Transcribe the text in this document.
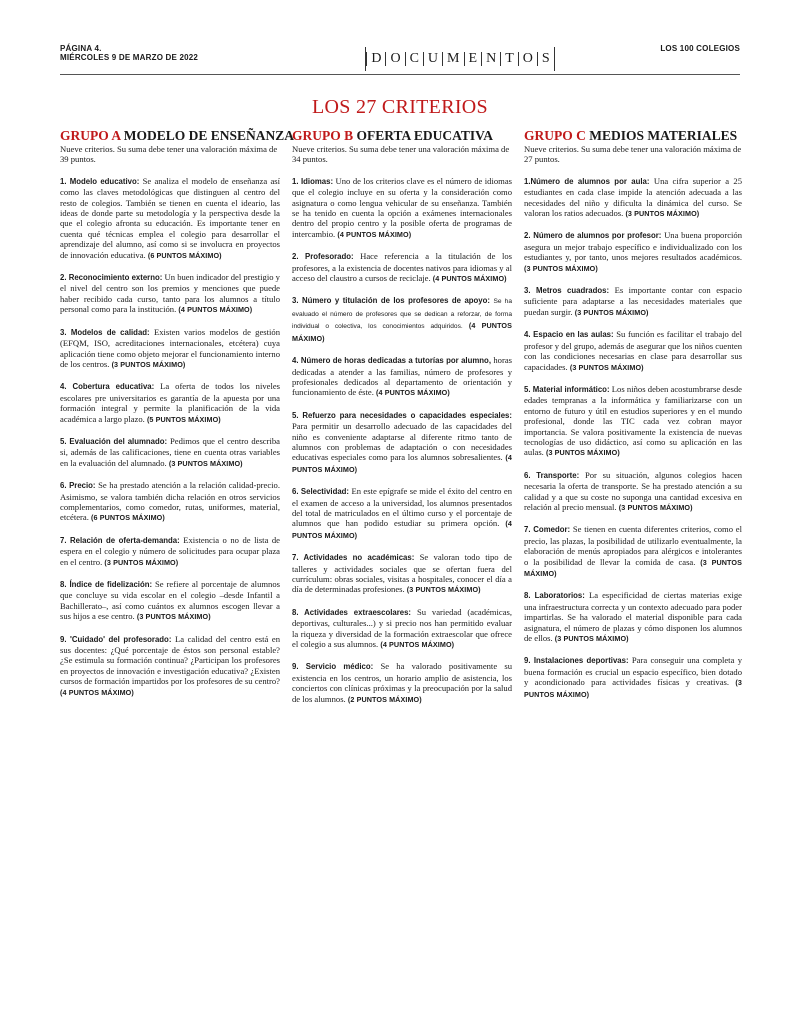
PÁGINA 4.
MIÉRCOLES 9 DE MARZO DE 2022	D O C U M E N T O S
LOS 100 COLEGIOS
LOS 27 CRITERIOS
GRUPO A MODELO DE ENSEÑANZA

Nueve criterios. Su suma debe tener una valoración máxima de 39 puntos.

1. Modelo educativo: Se analiza el modelo de enseñanza así como las claves metodológicas que distinguen al centro del resto de colegios. También se tienen en cuenta el ideario, las ideas de donde parte su metodología y la perspectiva desde la que el colegio afronta su educación. Es importante tener en cuenta qué técnicas emplea el colegio para desarrollar el aprendizaje del alumno, así como si se involucra en proyectos de innovación educativa. (6 PUNTOS MÁXIMO)

2. Reconocimiento externo: Un buen indicador del prestigio y el nivel del centro son los premios y menciones que puede haber recibido cada curso, tanto para los alumnos a título personal como para la institución. (4 PUNTOS MÁXIMO)

3. Modelos de calidad: Existen varios modelos de gestión (EFQM, ISO, acreditaciones internacionales, etcétera) cuya aplicación tiene como objeto mejorar el funcionamiento interno de los centros. (3 PUNTOS MÁXIMO)

4. Cobertura educativa: La oferta de todos los niveles escolares pre universitarios es garantía de la apuesta por una formación integral y permite la planificación de la vida académica a largo plazo. (5 PUNTOS MÁXIMO)

5. Evaluación del alumnado: Pedimos que el centro describa si, además de las calificaciones, tiene en cuenta otras variables en la evaluación del alumnado. (3 PUNTOS MÁXIMO)

6. Precio: Se ha prestado atención a la relación calidad-precio. Asimismo, se valora también dicha relación en otros servicios complementarios, como comedor, rutas, uniformes, material, etcétera. (6 PUNTOS MÁXIMO)

7. Relación de oferta-demanda: Existencia o no de lista de espera en el colegio y número de solicitudes para ocupar plaza en el centro. (3 PUNTOS MÁXIMO)

8. Índice de fidelización: Se refiere al porcentaje de alumnos que concluye su vida escolar en el colegio –desde Infantil a Bachillerato–, así como cuántos ex alumnos escogen llevar a sus hijos a ese centro. (3 PUNTOS MÁXIMO)

9. 'Cuidado' del profesorado: La calidad del centro está en sus docentes: ¿Qué porcentaje de éstos son personal estable? ¿Se estimula su formación continua? ¿Participan los profesores en proyectos de innovación e investigación educativa? ¿Existen cursos de formación impartidos por los profesores de su centro? (4 PUNTOS MÁXIMO)

GRUPO B OFERTA EDUCATIVA

Nueve criterios. Su suma debe tener una valoración máxima de 34 puntos.

1. Idiomas: Uno de los criterios clave es el número de idiomas que el colegio incluye en su oferta y la consideración como asignatura o como lengua vehicular de su enseñanza. También se ha tenido en cuenta la opción a exámenes internacionales dentro del propio centro y la posible oferta de programas de intercambio. (4 PUNTOS MÁXIMO)

2. Profesorado: Hace referencia a la titulación de los profesores, a la existencia de docentes nativos para idiomas y al acceso del claustro a cursos de reciclaje. (4 PUNTOS MÁXIMO)

3. Número y titulación de los profesores de apoyo: Se ha evaluado el número de profesores que se dedican a reforzar, de forma individual o colectiva, los conocimientos adquiridos. (4 PUNTOS MÁXIMO)

4. Número de horas dedicadas a tutorías por alumno, horas dedicadas a atender a las familias, número de profesores y profesionales dedicados al departamento de orientación y funcionamiento de éste. (4 PUNTOS MÁXIMO)

5. Refuerzo para necesidades o capacidades especiales: Para permitir un desarrollo adecuado de las capacidades del niño es conveniente adaptarse al diferente ritmo tanto de alumnos con problemas de adaptación o con necesidades educativas especiales como para los alumnos sobresalientes. (4 PUNTOS MÁXIMO)

6. Selectividad: En este epígrafe se mide el éxito del centro en el examen de acceso a la universidad, los alumnos presentados del total de matriculados en el último curso y el porcentaje de alumnos que han podido estudiar su primera opción. (4 PUNTOS MÁXIMO)

7. Actividades no académicas: Se valoran todo tipo de talleres y actividades sociales que se ofertan fuera del currículum: obras sociales, visitas a hospitales, conocer el día a día de determinadas profesiones. (3 PUNTOS MÁXIMO)

8. Actividades extraescolares: Su variedad (académicas, deportivas, culturales...) y si precio nos han permitido evaluar la riqueza y diversidad de la formación extraescolar que ofrece el colegio a sus alumnos. (4 PUNTOS MÁXIMO)

9. Servicio médico: Se ha valorado positivamente su existencia en los centros, un horario amplio de asistencia, los conciertos con clínicas próximas y la preocupación por la salud de los alumnos. (2 PUNTOS MÁXIMO)

GRUPO C MEDIOS MATERIALES

Nueve criterios. Su suma debe tener una valoración máxima de 27 puntos.

1.Número de alumnos por aula: Una cifra superior a 25 estudiantes en cada clase impide la atención adecuada a las necesidades del niño y dificulta la dinámica del curso. Se valoran los ratios adecuados. (3 PUNTOS MÁXIMO)

2. Número de alumnos por profesor: Una buena proporción asegura un mejor trabajo específico e individualizado con los estudiantes y, por tanto, unos mejores resultados académicos. (3 PUNTOS MÁXIMO)

3. Metros cuadrados: Es importante contar con espacio suficiente para adaptarse a las necesidades materiales que puedan surgir. (3 PUNTOS MÁXIMO)

4. Espacio en las aulas: Su función es facilitar el trabajo del profesor y del grupo, además de asegurar que los niños cuenten con las condiciones necesarias en clase para desarrollar sus capacidades. (3 PUNTOS MÁXIMO)

5. Material informático: Los niños deben acostumbrarse desde edades tempranas a la informática y familiarizarse con un entorno de futuro y útil en estudios superiores y en el mundo profesional, donde las TIC cada vez cobran mayor importancia. Se valora positivamente la existencia de nuevas tecnologías de uso didáctico, así como su aplicación en las aulas. (3 PUNTOS MÁXIMO)

6. Transporte: Por su situación, algunos colegios hacen necesaria la oferta de transporte. Se ha prestado atención a su calidad y a que su coste no suponga una cantidad excesiva en relación al precio mensual. (3 PUNTOS MÁXIMO)

7. Comedor: Se tienen en cuenta diferentes criterios, como el precio, las plazas, la posibilidad de utilizarlo eventualmente, la elaboración de menús apropiados para alérgicos e intolerantes o la posibilidad de llevar la comida de casa. (3 PUNTOS MÁXIMO)

8. Laboratorios: La especificidad de ciertas materias exige una infraestructura correcta y un contexto adecuado para poder impartirlas. Se ha valorado el material disponible para cada asignatura, el número de plazas y cómo disponen los alumnos de ellos. (3 PUNTOS MÁXIMO)

9. Instalaciones deportivas: Para conseguir una completa y buena formación es crucial un espacio específico, bien dotado y acondicionado para actividades físicas y creativas. (3 PUNTOS MÁXIMO)
